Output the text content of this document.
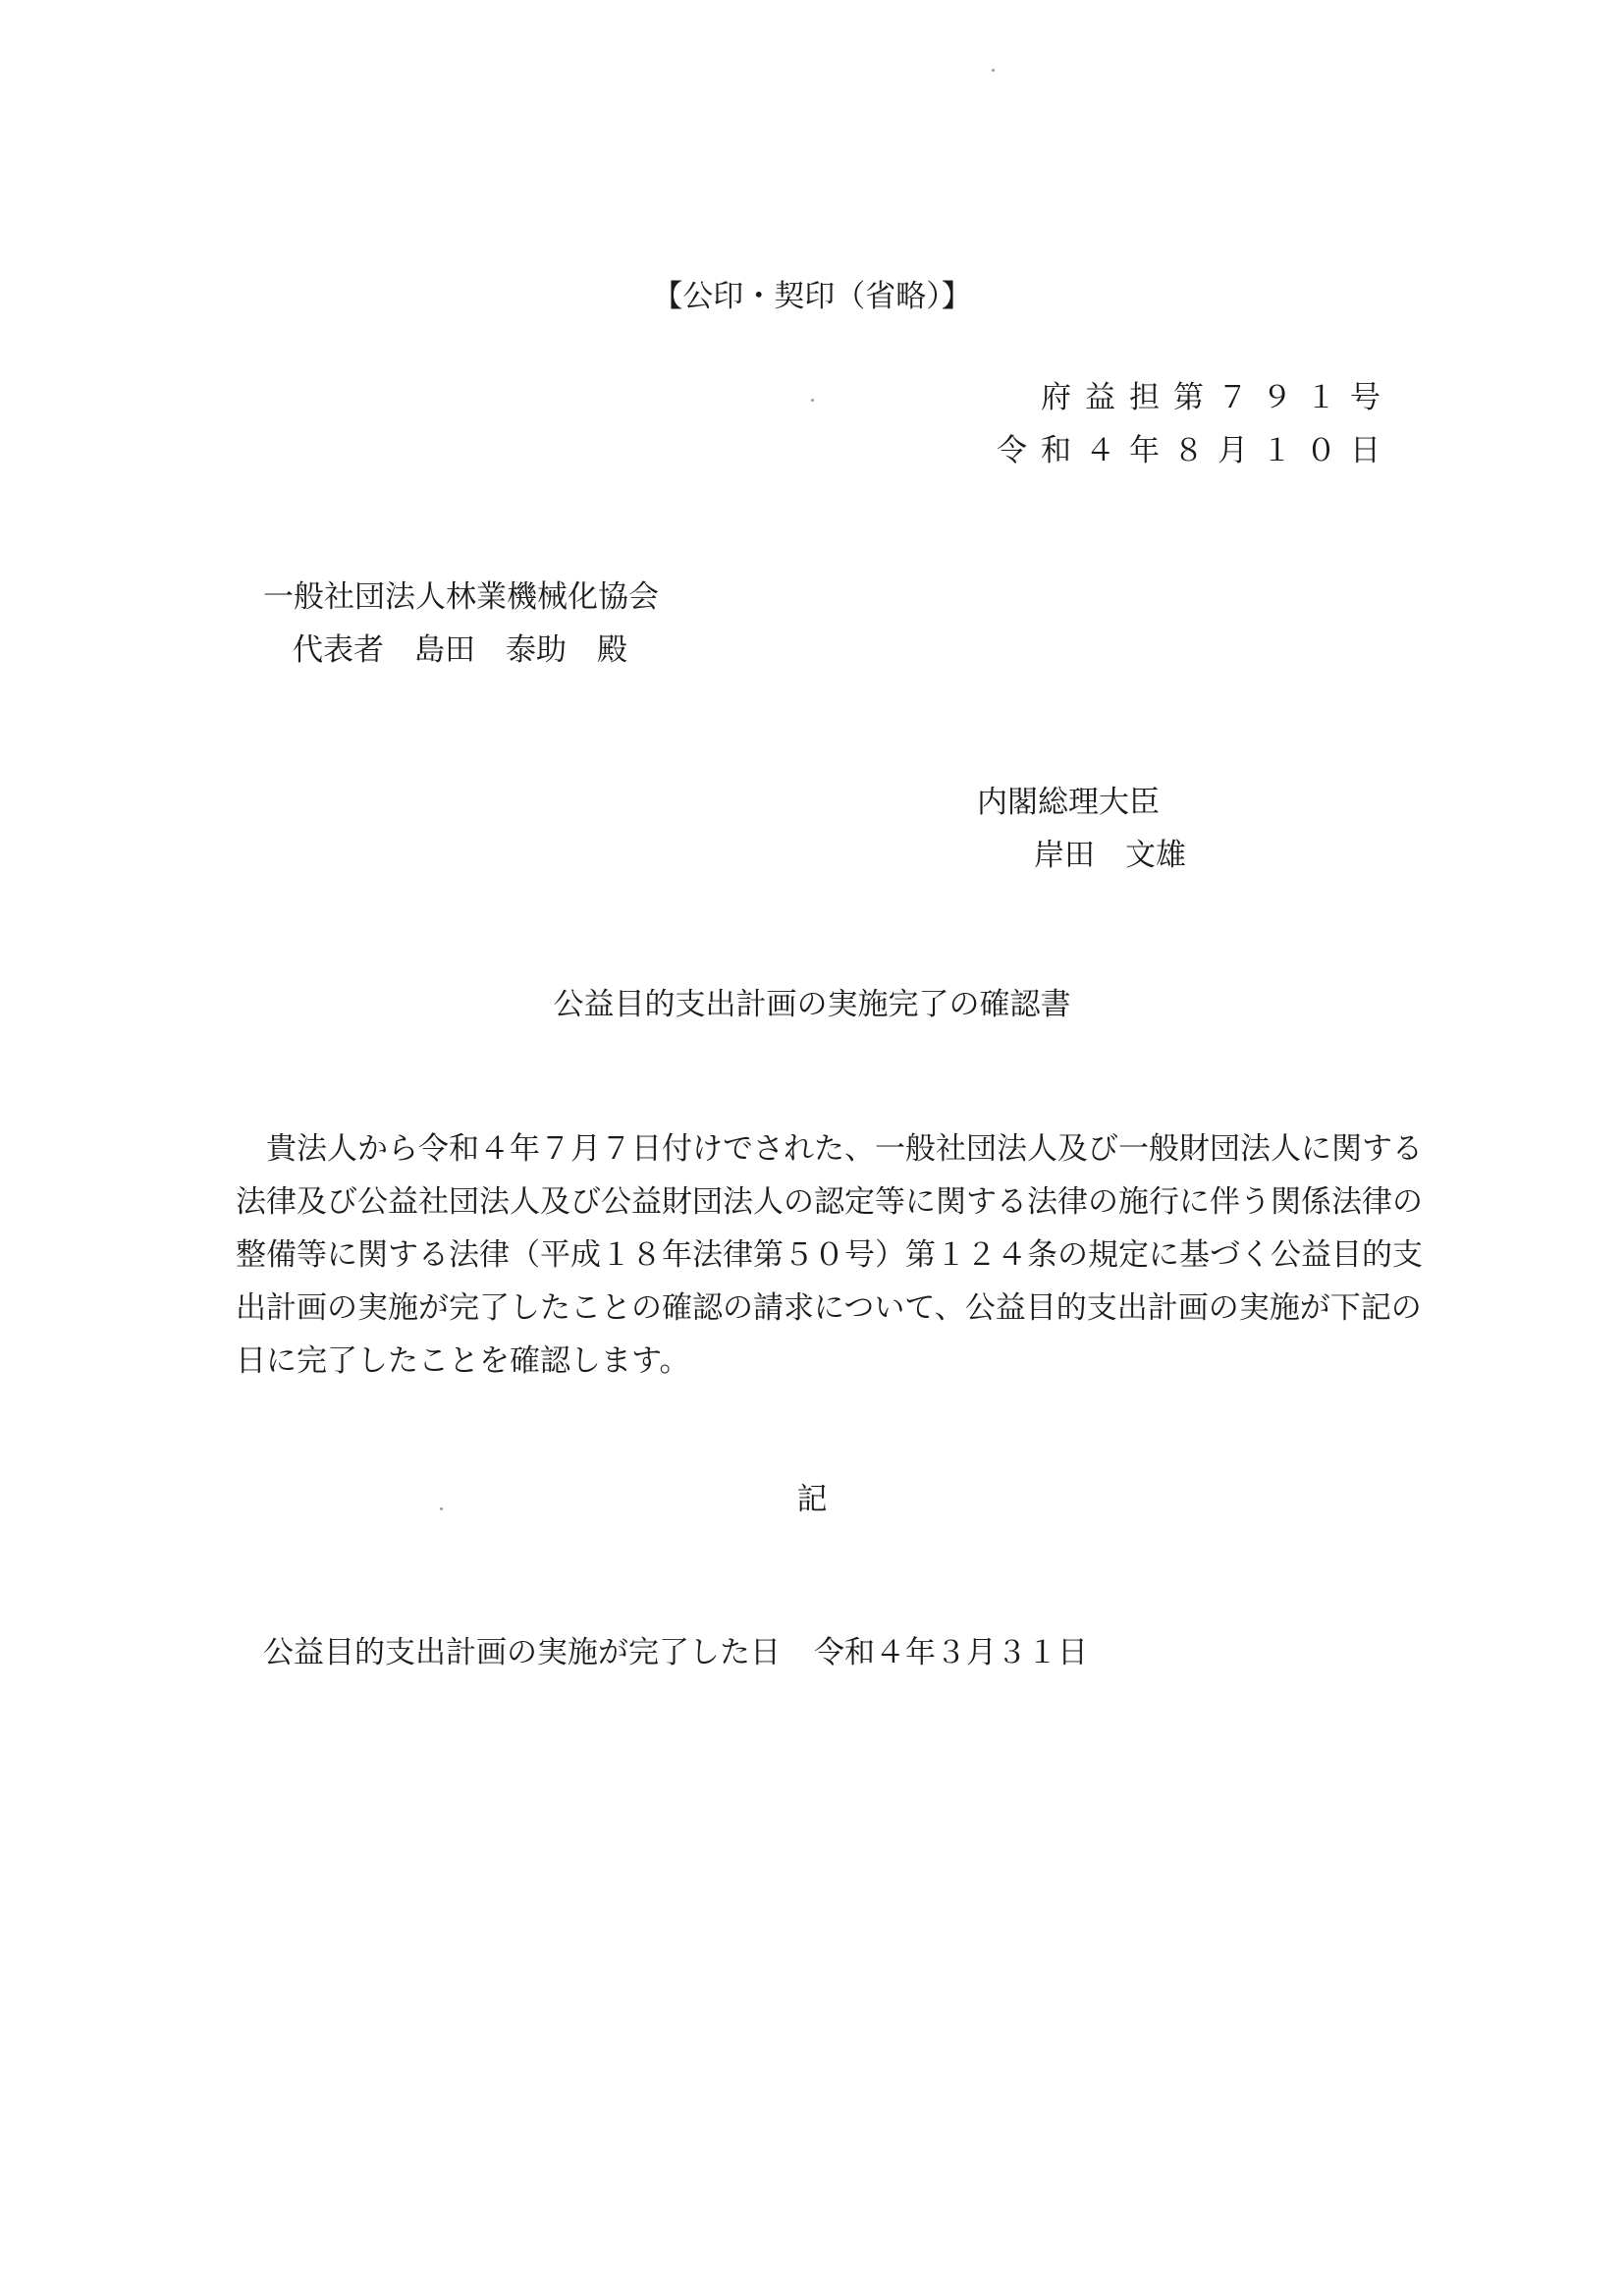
【公印・契印（省略）】
府益担第７９１号
令和４年８月１０日
一般社団法人林業機械化協会
代表者　島田　泰助　殿
内閣総理大臣
岸田　文雄
公益目的支出計画の実施完了の確認書
　貴法人から令和４年７月７日付けでされた、一般社団法人及び一般財団法人に関する
法律及び公益社団法人及び公益財団法人の認定等に関する法律の施行に伴う関係法律の
整備等に関する法律（平成１８年法律第５０号）第１２４条の規定に基づく公益目的支
出計画の実施が完了したことの確認の請求について、公益目的支出計画の実施が下記の
日に完了したことを確認します。
記
公益目的支出計画の実施が完了した日 令和４年３月３１日
